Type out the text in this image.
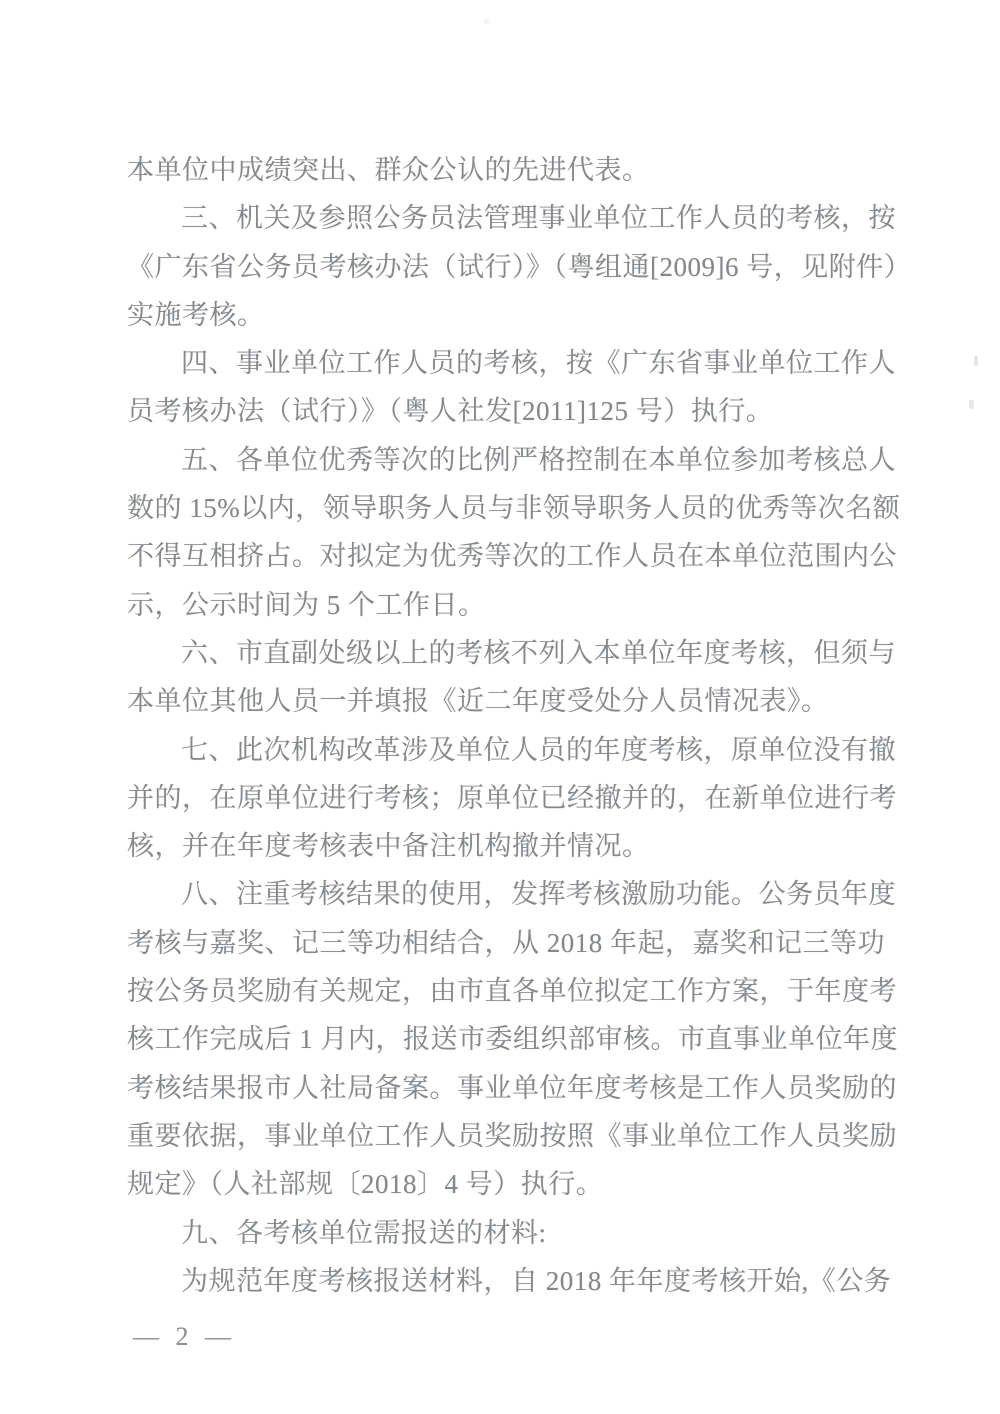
本单位中成绩突出、群众公认的先进代表。

三、机关及参照公务员法管理事业单位工作人员的考核，按

《广东省公务员考核办法（试行）》（粤组通[2009]6 号，见附件）

实施考核。

四、事业单位工作人员的考核，按《广东省事业单位工作人

员考核办法（试行）》（粤人社发[2011]125 号）执行。

五、各单位优秀等次的比例严格控制在本单位参加考核总人

数的 15%以内，领导职务人员与非领导职务人员的优秀等次名额

不得互相挤占。对拟定为优秀等次的工作人员在本单位范围内公

示，公示时间为 5 个工作日。

六、市直副处级以上的考核不列入本单位年度考核，但须与

本单位其他人员一并填报《近二年度受处分人员情况表》。

七、此次机构改革涉及单位人员的年度考核，原单位没有撤

并的，在原单位进行考核；原单位已经撤并的，在新单位进行考

核，并在年度考核表中备注机构撤并情况。

八、注重考核结果的使用，发挥考核激励功能。公务员年度

考核与嘉奖、记三等功相结合，从 2018 年起，嘉奖和记三等功

按公务员奖励有关规定，由市直各单位拟定工作方案，于年度考

核工作完成后 1 月内，报送市委组织部审核。市直事业单位年度

考核结果报市人社局备案。事业单位年度考核是工作人员奖励的

重要依据，事业单位工作人员奖励按照《事业单位工作人员奖励

规定》（人社部规〔2018〕4 号）执行。

九、各考核单位需报送的材料:

为规范年度考核报送材料，自 2018 年年度考核开始,《公务

— 2 —
